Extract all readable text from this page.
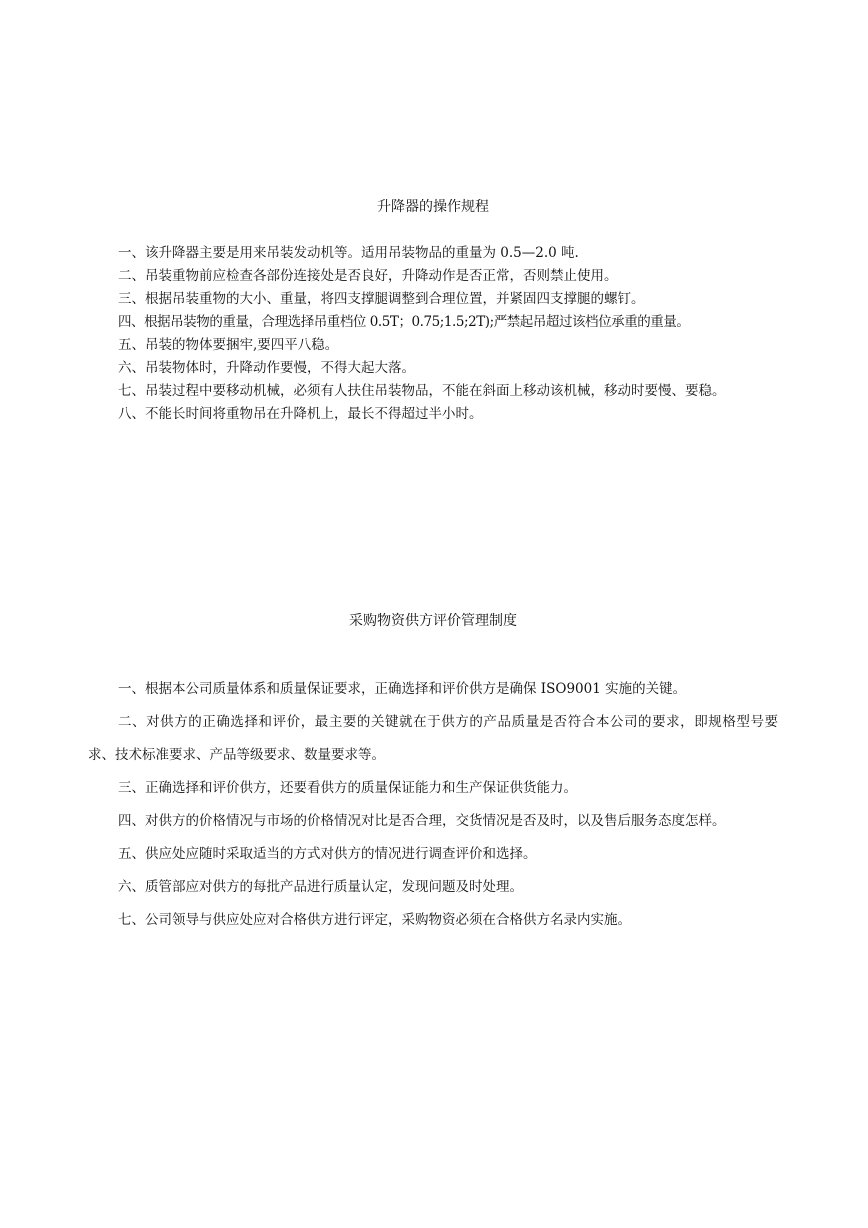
升降器的操作规程

一、该升降器主要是用来吊装发动机等。适用吊装物品的重量为 0.5—2.0 吨.

二、吊装重物前应检查各部份连接处是否良好，升降动作是否正常，否则禁止使用。

三、根据吊装重物的大小、重量，将四支撑腿调整到合理位置，并紧固四支撑腿的螺钉。

四、根据吊装物的重量，合理选择吊重档位 0.5T；0.75;1.5;2T);严禁起吊超过该档位承重的重量。

五、吊装的物体要捆牢,要四平八稳。

六、吊装物体时，升降动作要慢，不得大起大落。

七、吊装过程中要移动机械，必须有人扶住吊装物品，不能在斜面上移动该机械，移动时要慢、要稳。

八、不能长时间将重物吊在升降机上，最长不得超过半小时。

采购物资供方评价管理制度

一、根据本公司质量体系和质量保证要求，正确选择和评价供方是确保 ISO9001 实施的关键。

二、对供方的正确选择和评价，最主要的关键就在于供方的产品质量是否符合本公司的要求，即规格型号要求、技术标准要求、产品等级要求、数量要求等。

三、正确选择和评价供方，还要看供方的质量保证能力和生产保证供货能力。

四、对供方的价格情况与市场的价格情况对比是否合理，交货情况是否及时，以及售后服务态度怎样。

五、供应处应随时采取适当的方式对供方的情况进行调查评价和选择。

六、质管部应对供方的每批产品进行质量认定，发现问题及时处理。

七、公司领导与供应处应对合格供方进行评定，采购物资必须在合格供方名录内实施。
